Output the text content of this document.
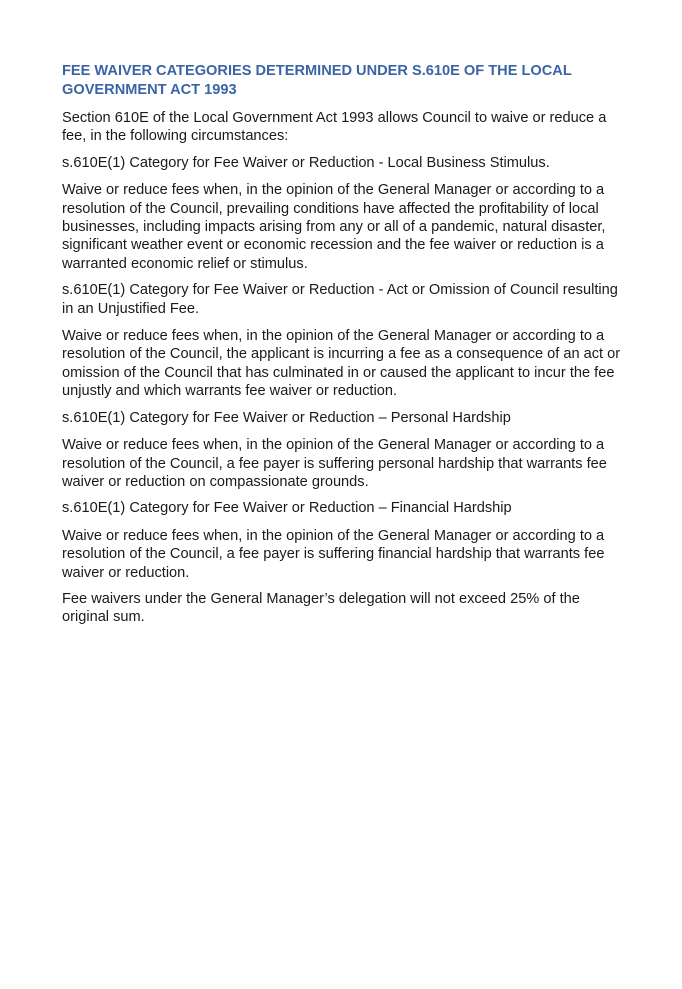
FEE WAIVER CATEGORIES DETERMINED UNDER S.610E OF THE LOCAL GOVERNMENT ACT 1993

Section 610E of the Local Government Act 1993 allows Council to waive or reduce a fee, in the following circumstances:

s.610E(1) Category for Fee Waiver or Reduction - Local Business Stimulus.

Waive or reduce fees when, in the opinion of the General Manager or according to a resolution of the Council, prevailing conditions have affected the profitability of local businesses, including impacts arising from any or all of a pandemic, natural disaster, significant weather event or economic recession and the fee waiver or reduction is a warranted economic relief or stimulus.

s.610E(1) Category for Fee Waiver or Reduction - Act or Omission of Council resulting in an Unjustified Fee.

Waive or reduce fees when, in the opinion of the General Manager or according to a resolution of the Council, the applicant is incurring a fee as a consequence of an act or omission of the Council that has culminated in or caused the applicant to incur the fee unjustly and which warrants fee waiver or reduction.

s.610E(1) Category for Fee Waiver or Reduction – Personal Hardship

Waive or reduce fees when, in the opinion of the General Manager or according to a resolution of the Council, a fee payer is suffering personal hardship that warrants fee waiver or reduction on compassionate grounds.

s.610E(1) Category for Fee Waiver or Reduction – Financial Hardship

Waive or reduce fees when, in the opinion of the General Manager or according to a resolution of the Council, a fee payer is suffering financial hardship that warrants fee waiver or reduction.

Fee waivers under the General Manager’s delegation will not exceed 25% of the original sum.
